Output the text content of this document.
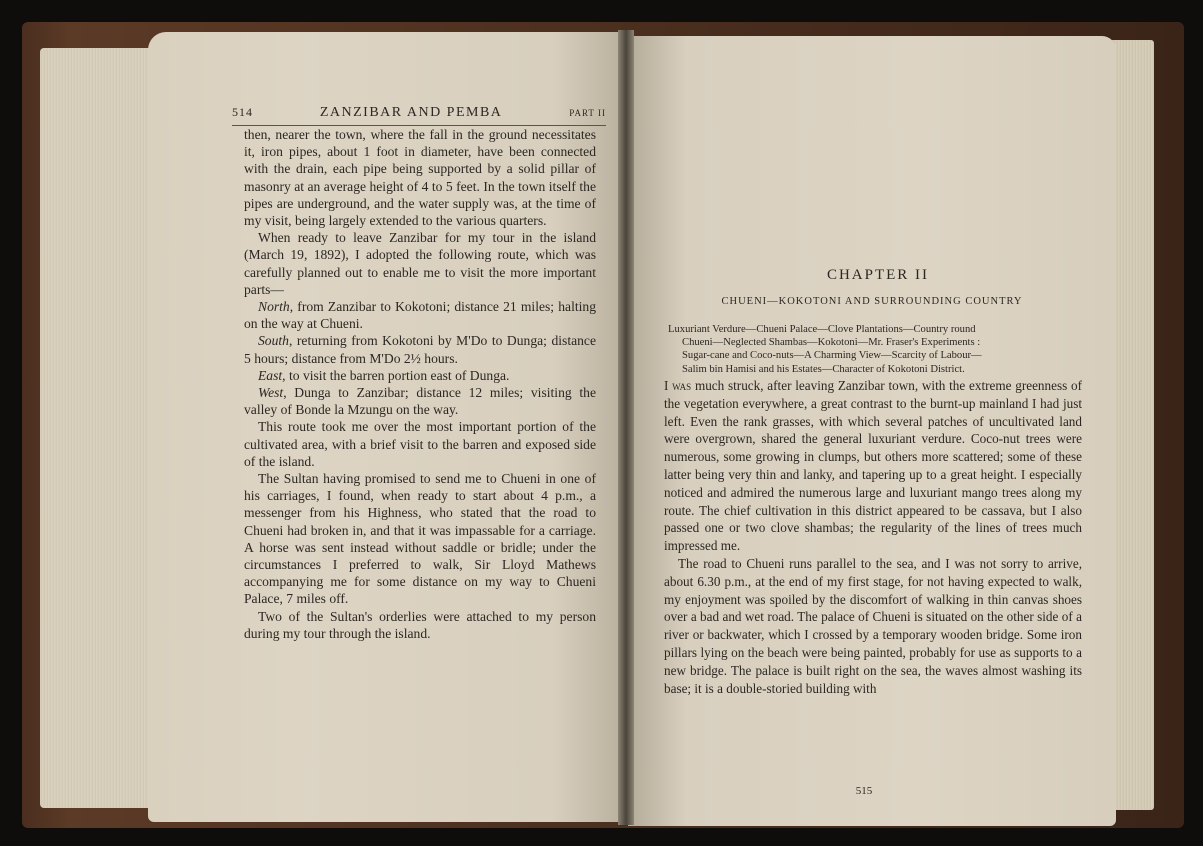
514	ZANZIBAR AND PEMBA	PART II

then, nearer the town, where the fall in the ground necessitates it, iron pipes, about 1 foot in diameter, have been connected with the drain, each pipe being supported by a solid pillar of masonry at an average height of 4 to 5 feet. In the town itself the pipes are underground, and the water supply was, at the time of my visit, being largely extended to the various quarters.

When ready to leave Zanzibar for my tour in the island (March 19, 1892), I adopted the following route, which was carefully planned out to enable me to visit the more important parts—

North, from Zanzibar to Kokotoni; distance 21 miles; halting on the way at Chueni.

South, returning from Kokotoni by M'Do to Dunga; distance 5 hours; distance from M'Do 2½ hours.

East, to visit the barren portion east of Dunga.

West, Dunga to Zanzibar; distance 12 miles; visiting the valley of Bonde la Mzungu on the way.

This route took me over the most important portion of the cultivated area, with a brief visit to the barren and exposed side of the island.

The Sultan having promised to send me to Chueni in one of his carriages, I found, when ready to start about 4 p.m., a messenger from his Highness, who stated that the road to Chueni had broken in, and that it was impassable for a carriage. A horse was sent instead without saddle or bridle; under the circumstances I preferred to walk, Sir Lloyd Mathews accompanying me for some distance on my way to Chueni Palace, 7 miles off.

Two of the Sultan's orderlies were attached to my person during my tour through the island.

CHAPTER II
CHUENI—KOKOTONI AND SURROUNDING COUNTRY
Luxuriant Verdure—Chueni Palace—Clove Plantations—Country round
Chueni—Neglected Shambas—Kokotoni—Mr. Fraser's Experiments :
Sugar-cane and Coco-nuts—A Charming View—Scarcity of Labour—
Salim bin Hamisi and his Estates—Character of Kokotoni District.

I was much struck, after leaving Zanzibar town, with the extreme greenness of the vegetation everywhere, a great contrast to the burnt-up mainland I had just left. Even the rank grasses, with which several patches of uncultivated land were overgrown, shared the general luxuriant verdure. Coco-nut trees were numerous, some growing in clumps, but others more scattered; some of these latter being very thin and lanky, and tapering up to a great height. I especially noticed and admired the numerous large and luxuriant mango trees along my route. The chief cultivation in this district appeared to be cassava, but I also passed one or two clove shambas; the regularity of the lines of trees much impressed me.

The road to Chueni runs parallel to the sea, and I was not sorry to arrive, about 6.30 p.m., at the end of my first stage, for not having expected to walk, my enjoyment was spoiled by the discomfort of walking in thin canvas shoes over a bad and wet road. The palace of Chueni is situated on the other side of a river or backwater, which I crossed by a temporary wooden bridge. Some iron pillars lying on the beach were being painted, probably for use as supports to a new bridge. The palace is built right on the sea, the waves almost washing its base; it is a double-storied building with

515
